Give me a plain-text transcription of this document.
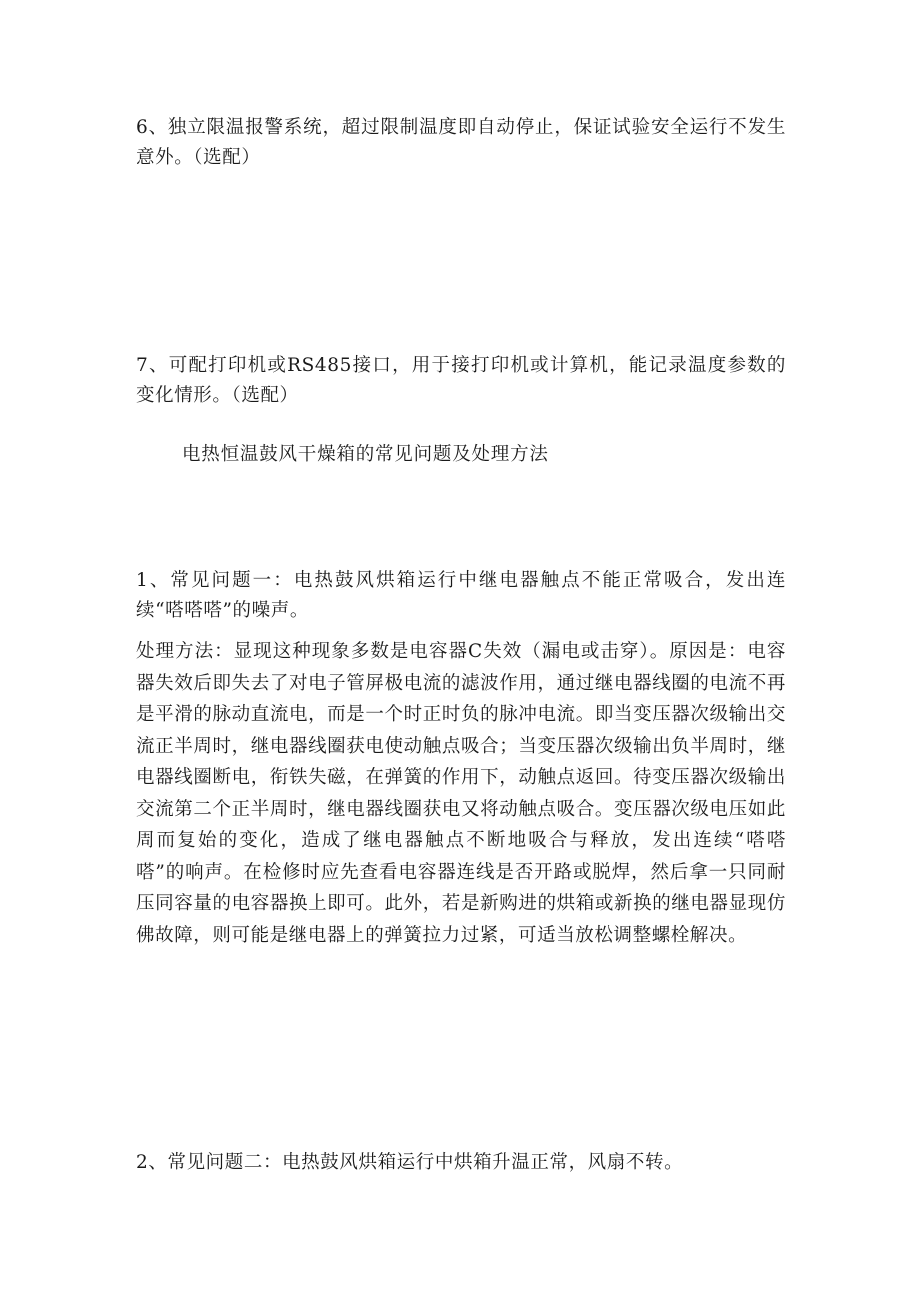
6、独立限温报警系统，超过限制温度即自动停止，保证试验安全运行不发生意外。（选配）

7、可配打印机或RS485接口，用于接打印机或计算机，能记录温度参数的变化情形。（选配）

电热恒温鼓风干燥箱的常见问题及处理方法

1、常见问题一：电热鼓风烘箱运行中继电器触点不能正常吸合，发出连续“嗒嗒嗒”的噪声。

处理方法：显现这种现象多数是电容器C失效（漏电或击穿）。原因是：电容器失效后即失去了对电子管屏极电流的滤波作用，通过继电器线圈的电流不再是平滑的脉动直流电，而是一个时正时负的脉冲电流。即当变压器次级输出交流正半周时，继电器线圈获电使动触点吸合；当变压器次级输出负半周时，继电器线圈断电，衔铁失磁，在弹簧的作用下，动触点返回。待变压器次级输出交流第二个正半周时，继电器线圈获电又将动触点吸合。变压器次级电压如此周而复始的变化，造成了继电器触点不断地吸合与释放，发出连续“嗒嗒嗒”的响声。在检修时应先查看电容器连线是否开路或脱焊，然后拿一只同耐压同容量的电容器换上即可。此外，若是新购进的烘箱或新换的继电器显现仿佛故障，则可能是继电器上的弹簧拉力过紧，可适当放松调整螺栓解决。

2、常见问题二：电热鼓风烘箱运行中烘箱升温正常，风扇不转。
